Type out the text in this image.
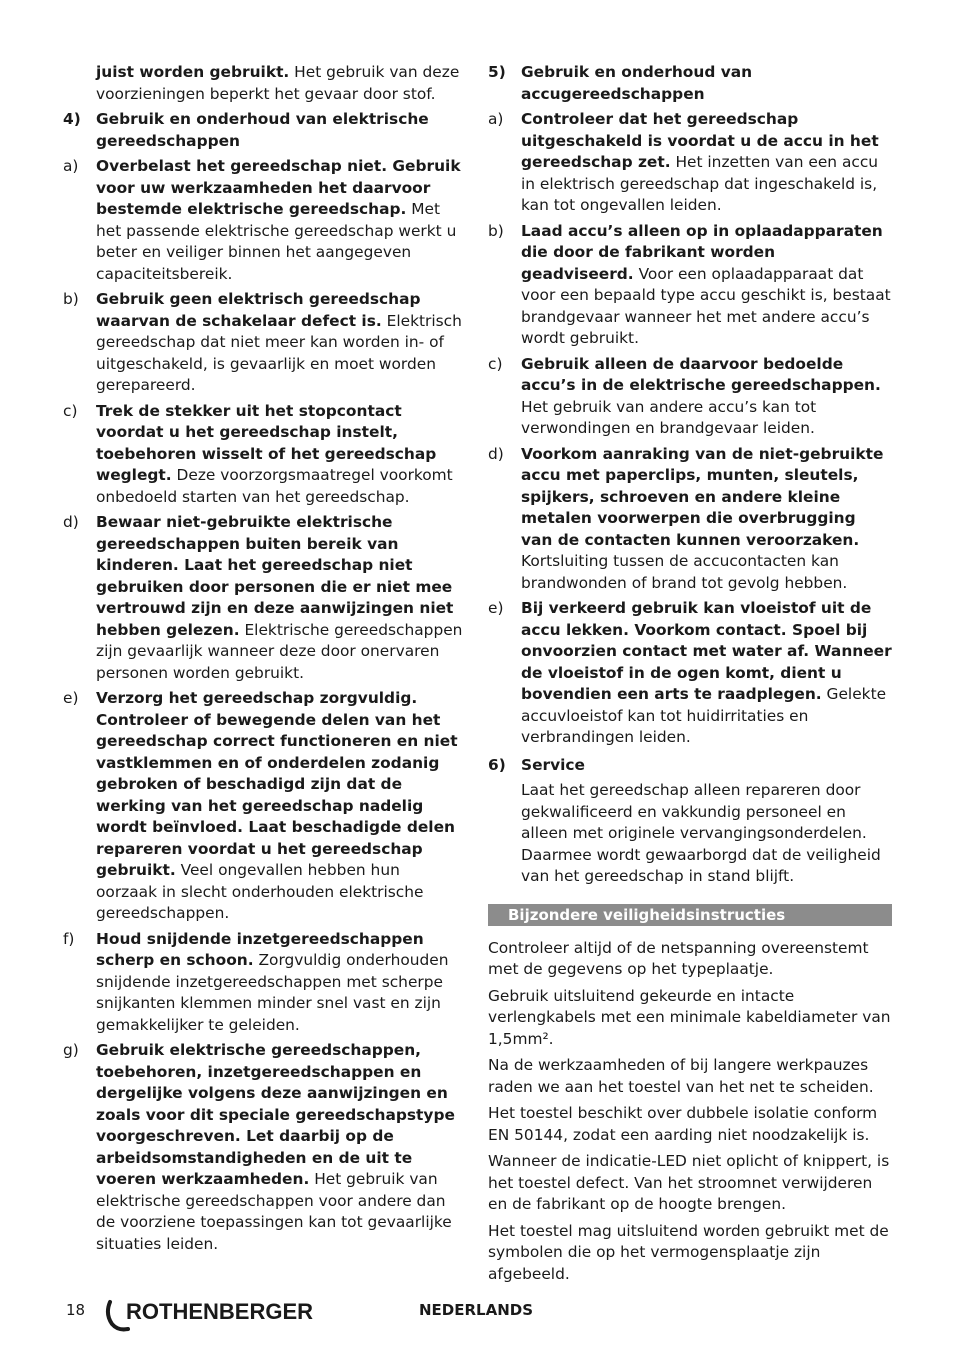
juist worden gebruikt. Het gebruik van deze voorzieningen beperkt het gevaar door stof.
4) Gebruik en onderhoud van elektrische gereedschappen
a) Overbelast het gereedschap niet. Gebruik voor uw werkzaamheden het daarvoor bestemde elektrische gereedschap. Met het passende elektrische gereedschap werkt u beter en veiliger binnen het aangegeven capaciteitsbereik.
b) Gebruik geen elektrisch gereedschap waarvan de schakelaar defect is. Elektrisch gereedschap dat niet meer kan worden in- of uitgeschakeld, is gevaarlijk en moet worden gerepareerd.
c) Trek de stekker uit het stopcontact voordat u het gereedschap instelt, toebehoren wisselt of het gereedschap weglegt. Deze voorzorgsmaatregel voorkomt onbedoeld starten van het gereedschap.
d) Bewaar niet-gebruikte elektrische gereedschappen buiten bereik van kinderen. Laat het gereedschap niet gebruiken door personen die er niet mee vertrouwd zijn en deze aanwijzingen niet hebben gelezen. Elektrische gereedschappen zijn gevaarlijk wanneer deze door onervaren personen worden gebruikt.
e) Verzorg het gereedschap zorgvuldig. Controleer of bewegende delen van het gereedschap correct functioneren en niet vastklemmen en of onderdelen zodanig gebroken of beschadigd zijn dat de werking van het gereedschap nadelig wordt beïnvloed. Laat beschadigde delen repareren voordat u het gereedschap gebruikt. Veel ongevallen hebben hun oorzaak in slecht onderhouden elektrische gereedschappen.
f) Houd snijdende inzetgereedschappen scherp en schoon. Zorgvuldig onderhouden snijdende inzetgereedschappen met scherpe snijkanten klemmen minder snel vast en zijn gemakkelijker te geleiden.
g) Gebruik elektrische gereedschappen, toebehoren, inzetgereedschappen en dergelijke volgens deze aanwijzingen en zoals voor dit speciale gereedschapstype voorgeschreven. Let daarbij op de arbeidsomstandigheden en de uit te voeren werkzaamheden. Het gebruik van elektrische gereedschappen voor andere dan de voorziene toepassingen kan tot gevaarlijke situaties leiden.
5) Gebruik en onderhoud van accugereedschappen
a) Controleer dat het gereedschap uitgeschakeld is voordat u de accu in het gereedschap zet. Het inzetten van een accu in elektrisch gereedschap dat ingeschakeld is, kan tot ongevallen leiden.
b) Laad accu’s alleen op in oplaadapparaten die door de fabrikant worden geadviseerd. Voor een oplaadapparaat dat voor een bepaald type accu geschikt is, bestaat brandgevaar wanneer het met andere accu’s wordt gebruikt.
c) Gebruik alleen de daarvoor bedoelde accu’s in de elektrische gereedschappen. Het gebruik van andere accu’s kan tot verwondingen en brandgevaar leiden.
d) Voorkom aanraking van de niet-gebruikte accu met paperclips, munten, sleutels, spijkers, schroeven en andere kleine metalen voorwerpen die overbrugging van de contacten kunnen veroorzaken. Kortsluiting tussen de accucontacten kan brandwonden of brand tot gevolg hebben.
e) Bij verkeerd gebruik kan vloeistof uit de accu lekken. Voorkom contact. Spoel bij onvoorzien contact met water af. Wanneer de vloeistof in de ogen komt, dient u bovendien een arts te raadplegen. Gelekte accuvloeistof kan tot huidirritaties en verbrandingen leiden.
6) Service
Laat het gereedschap alleen repareren door gekwalificeerd en vakkundig personeel en alleen met originele vervangingsonderdelen. Daarmee wordt gewaarborgd dat de veiligheid van het gereedschap in stand blijft.
Bijzondere veiligheidsinstructies
Controleer altijd of de netspanning overeenstemt met de gegevens op het typeplaatje.
Gebruik uitsluitend gekeurde en intacte verlengkabels met een minimale kabeldiameter van 1,5mm².
Na de werkzaamheden of bij langere werkpauzes raden we aan het toestel van het net te scheiden.
Het toestel beschikt over dubbele isolatie conform EN 50144, zodat een aarding niet noodzakelijk is.
Wanneer de indicatie-LED niet oplicht of knippert, is het toestel defect. Van het stroomnet verwijderen en de fabrikant op de hoogte brengen.
Het toestel mag uitsluitend worden gebruikt met de symbolen die op het vermogensplaatje zijn afgebeeld.
18 ROTHENBERGER	NEDERLANDS
